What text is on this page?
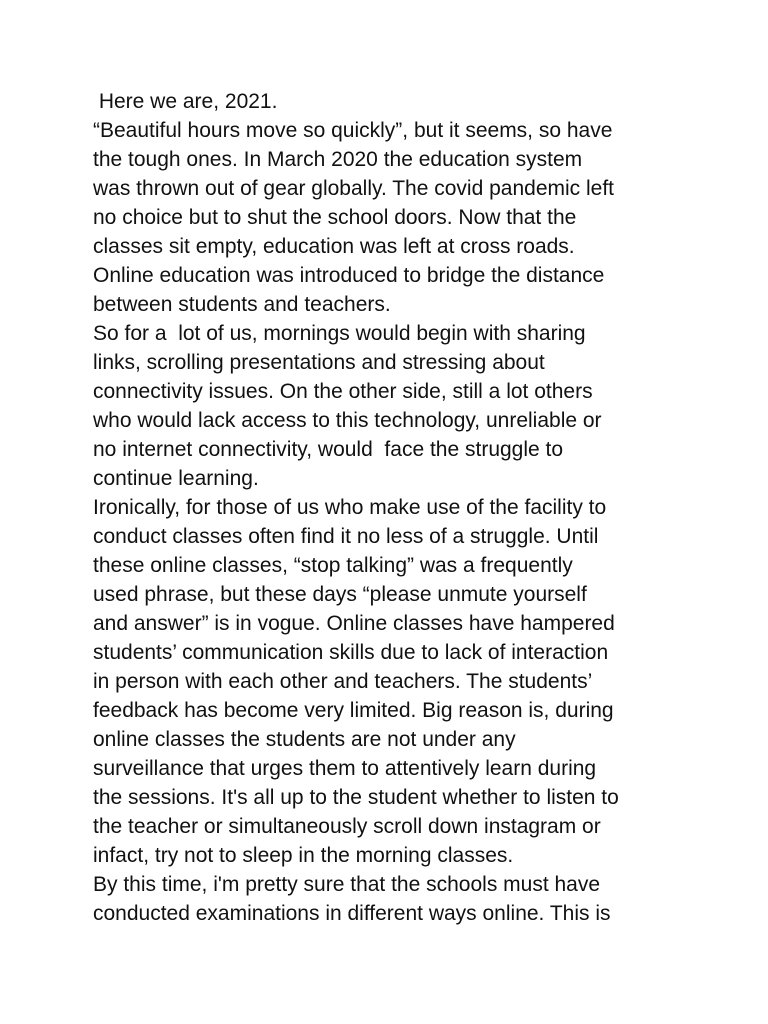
Here we are, 2021.
“Beautiful hours move so quickly”, but it seems, so have
the tough ones. In March 2020 the education system
was thrown out of gear globally. The covid pandemic left
no choice but to shut the school doors. Now that the
classes sit empty, education was left at cross roads.
Online education was introduced to bridge the distance
between students and teachers.
So for a  lot of us, mornings would begin with sharing
links, scrolling presentations and stressing about
connectivity issues. On the other side, still a lot others
who would lack access to this technology, unreliable or
no internet connectivity, would  face the struggle to
continue learning.
Ironically, for those of us who make use of the facility to
conduct classes often find it no less of a struggle. Until
these online classes, “stop talking” was a frequently
used phrase, but these days “please unmute yourself
and answer” is in vogue. Online classes have hampered
students’ communication skills due to lack of interaction
in person with each other and teachers. The students’
feedback has become very limited. Big reason is, during
online classes the students are not under any
surveillance that urges them to attentively learn during
the sessions. It's all up to the student whether to listen to
the teacher or simultaneously scroll down instagram or
infact, try not to sleep in the morning classes.
By this time, i'm pretty sure that the schools must have
conducted examinations in different ways online. This is
